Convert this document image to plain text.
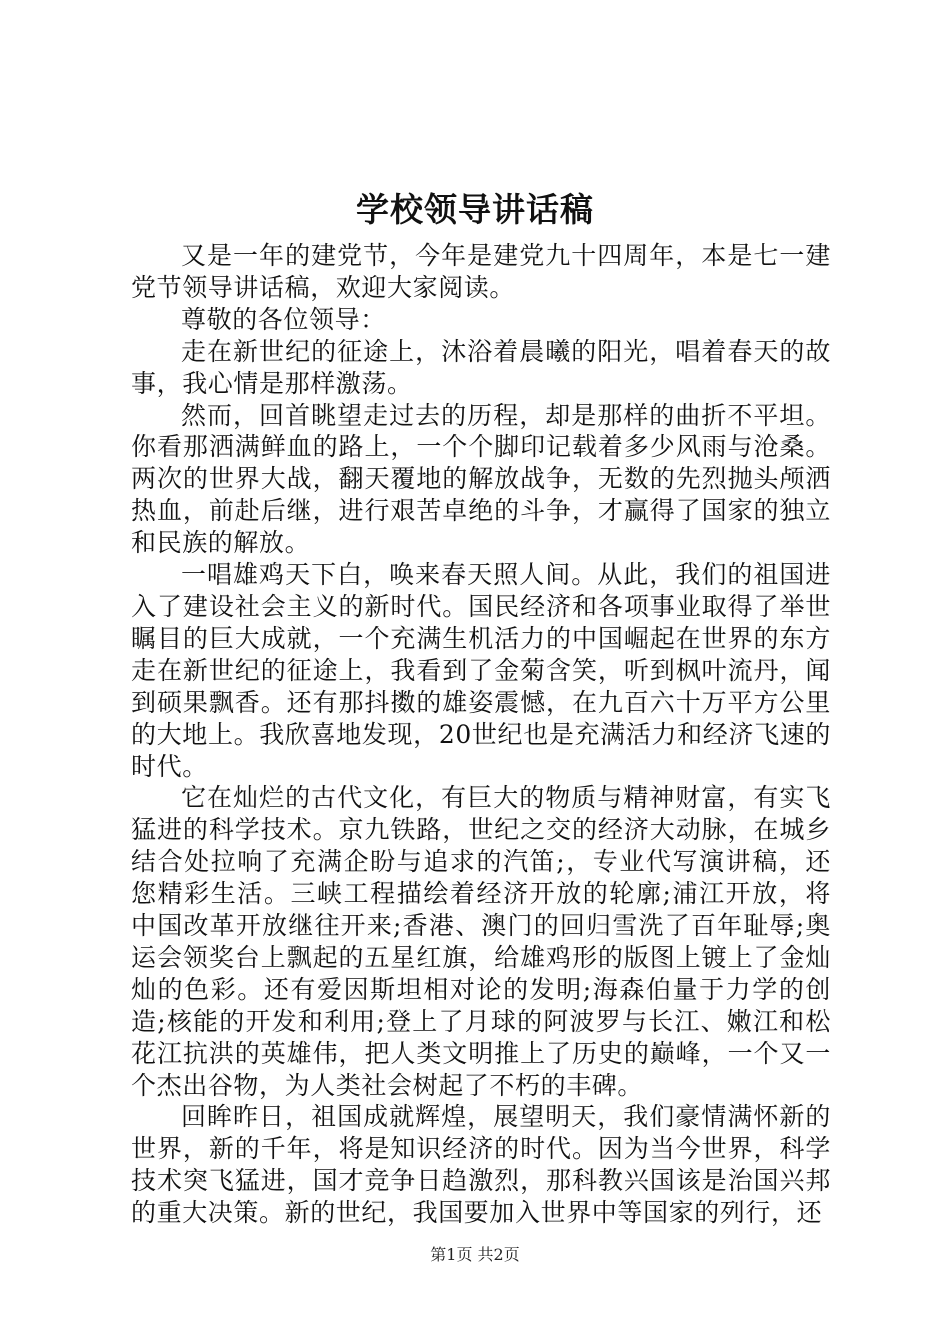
学校领导讲话稿

又是一年的建党节，今年是建党九十四周年，本是七一建党节领导讲话稿，欢迎大家阅读。

尊敬的各位领导：

走在新世纪的征途上，沐浴着晨曦的阳光，唱着春天的故事，我心情是那样激荡。

然而，回首眺望走过去的历程，却是那样的曲折不平坦。你看那洒满鲜血的路上，一个个脚印记载着多少风雨与沧桑。两次的世界大战，翻天覆地的解放战争，无数的先烈抛头颅洒热血，前赴后继，进行艰苦卓绝的斗争，才赢得了国家的独立和民族的解放。

一唱雄鸡天下白，唤来春天照人间。从此，我们的祖国进入了建设社会主义的新时代。国民经济和各项事业取得了举世瞩目的巨大成就，一个充满生机活力的中国崛起在世界的东方走在新世纪的征途上，我看到了金菊含笑，听到枫叶流丹，闻到硕果飘香。还有那抖擞的雄姿震憾，在九百六十万平方公里的大地上。我欣喜地发现，20世纪也是充满活力和经济飞速的时代。

它在灿烂的古代文化，有巨大的物质与精神财富，有实飞猛进的科学技术。京九铁路，世纪之交的经济大动脉，在城乡结合处拉响了充满企盼与追求的汽笛;，专业代写演讲稿，还您精彩生活。三峡工程描绘着经济开放的轮廓;浦江开放，将中国改革开放继往开来;香港、澳门的回归雪洗了百年耻辱;奥运会领奖台上飘起的五星红旗，给雄鸡形的版图上镀上了金灿灿的色彩。还有爱因斯坦相对论的发明;海森伯量于力学的创造;核能的开发和利用;登上了月球的阿波罗与长江、嫩江和松花江抗洪的英雄伟，把人类文明推上了历史的巅峰，一个又一个杰出谷物，为人类社会树起了不朽的丰碑。

回眸昨日，祖国成就辉煌，展望明天，我们豪情满怀新的世界，新的千年，将是知识经济的时代。因为当今世界，科学技术突飞猛进，国才竞争日趋激烈，那科教兴国该是治国兴邦的重大决策。新的世纪，我国要加入世界中等国家的列行，还

第1页 共2页
